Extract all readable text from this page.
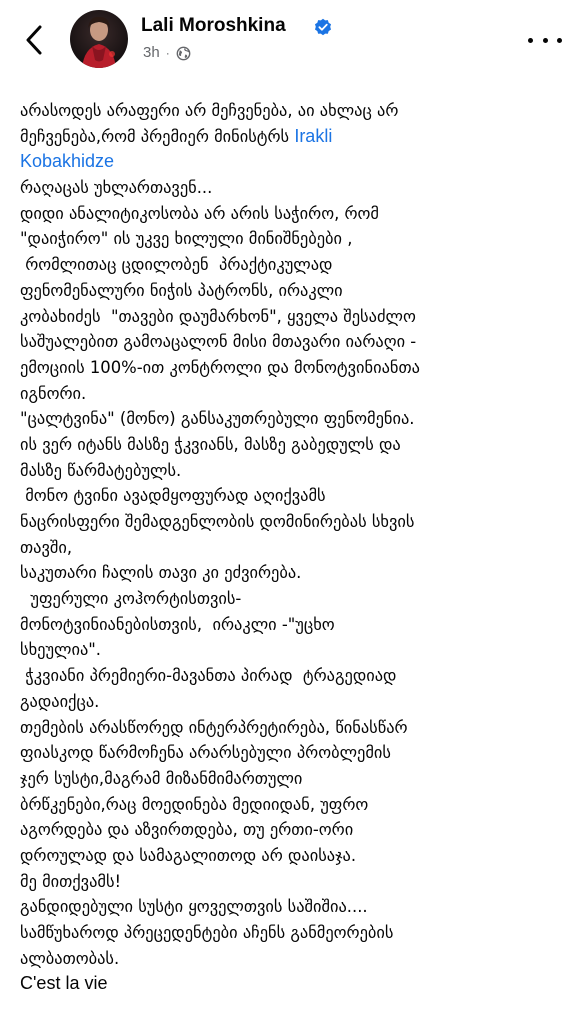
Lali Moroshkina
3h ·
არასოდეს არაფერი არ მეჩვენება, აი ახლაც არ
მეჩვენება,რომ პრემიერ მინისტრს Irakli
Kobakhidze
რაღაცას უხლართავენ...
დიდი ანალიტიკოსობა არ არის საჭირო, რომ
"დაიჭირო" ის უკვე ხილული მინიშნებები ,
რომლითაც ცდილობენ  პრაქტიკულად
ფენომენალური ნიჭის პატრონს, ირაკლი
კობახიძეს  "თავები დაუმარხონ", ყველა შესაძლო
საშუალებით გამოაცალონ მისი მთავარი იარაღი -
ემოციის 100%-ით კონტროლი და მონოტვინიანთა
იგნორი.
"ცალტვინა" (მონო) განსაკუთრებული ფენომენია.
ის ვერ იტანს მასზე ჭკვიანს, მასზე გაბედულს და
მასზე წარმატებულს.
მონო ტვინი ავადმყოფურად აღიქვამს
ნაცრისფერი შემადგენლობის დომინირებას სხვის
თავში,
საკუთარი ჩალის თავი კი ეძვირება.
უფერული კოჰორტისთვის-
მონოტვინიანებისთვის,  ირაკლი -"უცხო
სხეულია".
ჭკვიანი პრემიერი-მავანთა პირად  ტრაგედიად
გადაიქცა.
თემების არასწორედ ინტერპრეტირება, წინასწარ
ფიასკოდ წარმოჩენა არარსებული პრობლემის
ჯერ სუსტი,მაგრამ მიზანმიმართული
ბრწკენები,რაც მოედინება მედიიდან, უფრო
აგორდება და აზვირთდება, თუ ერთი-ორი
დროულად და სამაგალითოდ არ დაისაჯა.
მე მითქვამს!
განდიდებული სუსტი ყოველთვის საშიშია....
სამწუხაროდ პრეცედენტები აჩენს განმეორების
ალბათობას.
C'est la vie
